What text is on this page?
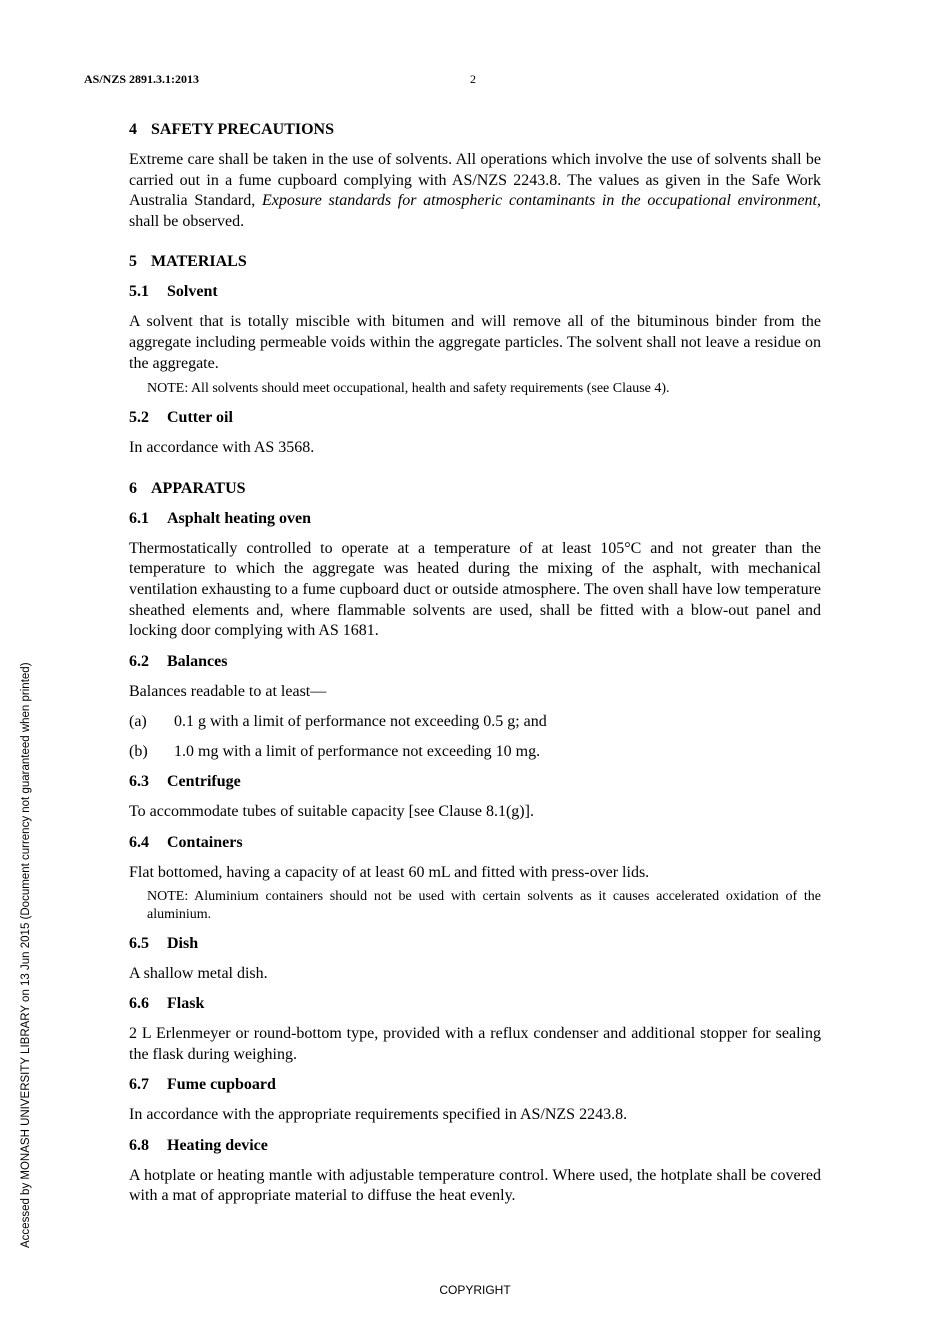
AS/NZS 2891.3.1:2013	2
Accessed by MONASH UNIVERSITY LIBRARY on 13 Jun 2015 (Document currency not guaranteed when printed)
4 SAFETY PRECAUTIONS

Extreme care shall be taken in the use of solvents. All operations which involve the use of solvents shall be carried out in a fume cupboard complying with AS/NZS 2243.8. The values as given in the Safe Work Australia Standard, Exposure standards for atmospheric contaminants in the occupational environment, shall be observed.

5 MATERIALS
5.1 Solvent

A solvent that is totally miscible with bitumen and will remove all of the bituminous binder from the aggregate including permeable voids within the aggregate particles. The solvent shall not leave a residue on the aggregate.

NOTE: All solvents should meet occupational, health and safety requirements (see Clause 4).
5.2 Cutter oil

In accordance with AS 3568.

6 APPARATUS
6.1 Asphalt heating oven

Thermostatically controlled to operate at a temperature of at least 105°C and not greater than the temperature to which the aggregate was heated during the mixing of the asphalt, with mechanical ventilation exhausting to a fume cupboard duct or outside atmosphere. The oven shall have low temperature sheathed elements and, where flammable solvents are used, shall be fitted with a blow-out panel and locking door complying with AS 1681.

6.2 Balances

Balances readable to at least—

(a)	0.1 g with a limit of performance not exceeding 0.5 g; and
(b)	1.0 mg with a limit of performance not exceeding 10 mg.
6.3 Centrifuge

To accommodate tubes of suitable capacity [see Clause 8.1(g)].

6.4 Containers

Flat bottomed, having a capacity of at least 60 mL and fitted with press-over lids.

NOTE: Aluminium containers should not be used with certain solvents as it causes accelerated oxidation of the aluminium.
6.5 Dish

A shallow metal dish.

6.6 Flask

2 L Erlenmeyer or round-bottom type, provided with a reflux condenser and additional stopper for sealing the flask during weighing.

6.7 Fume cupboard

In accordance with the appropriate requirements specified in AS/NZS 2243.8.

6.8 Heating device

A hotplate or heating mantle with adjustable temperature control. Where used, the hotplate shall be covered with a mat of appropriate material to diffuse the heat evenly.

COPYRIGHT
